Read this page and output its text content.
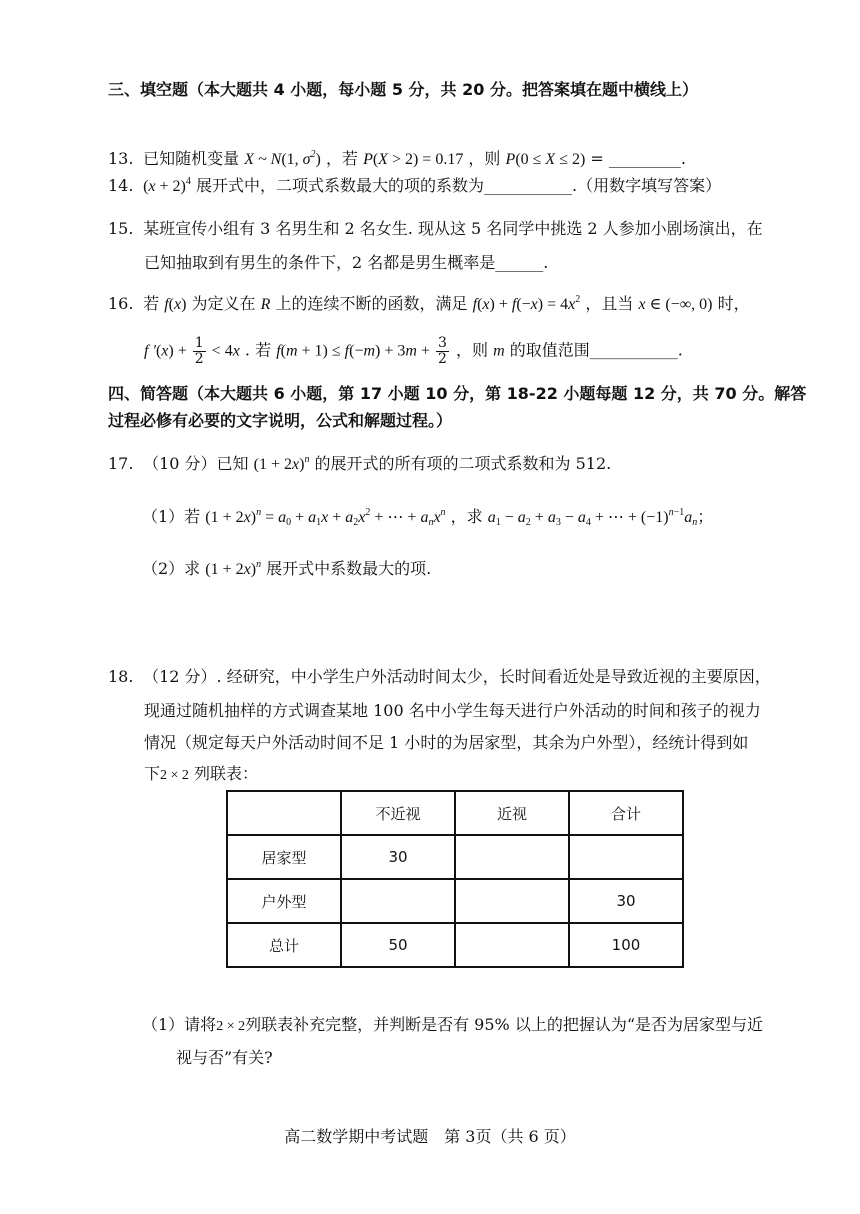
三、填空题（本大题共 4 小题，每小题 5 分，共 20 分。把答案填在题中横线上）
13. 已知随机变量 X ~ N(1, $\sigma^2$) ，若 P(X > 2) = 0.17 ，则 P(0 ≤ X ≤ 2) = _________.
14. $(x + 2)^4$ 展开式中，二项式系数最大的项的系数为___________.（用数字填写答案）
15. 某班宣传小组有 3 名男生和 2 名女生. 现从这 5 名同学中挑选 2 人参加小剧场演出，在
已知抽取到有男生的条件下，2 名都是男生概率是______.
16. 若 f(x) 为定义在 R 上的连续不断的函数，满足 $f(x) + f(-x) = 4x^2$ ，且当 x ∈ (−∞, 0) 时，
f $'(x) + \frac{1}{2} < 4x$ . 若 $f(m + 1) \le f(-m) + 3m + \frac{3}{2}$ ，则 m 的取值范围___________.
四、简答题（本大题共 6 小题，第 17 小题 10 分，第 18-22 小题每题 12 分，共 70 分。解答
过程必修有必要的文字说明，公式和解题过程。）
17. （10 分）已知 $(1 + 2x)^n$ 的展开式的所有项的二项式系数和为 512.
（1）若 $(1 + 2x)^n = a_0 + a_1x + a_2x^2$ + ⋯ + $a_nx^n$ ，求 $a_1 - a_2 + a_3 - a_4$ + ⋯ + $(-1)^{n-1}a_n$；
（2）求 $(1 + 2x)^n$ 展开式中系数最大的项.
18. （12 分）. 经研究，中小学生户外活动时间太少，长时间看近处是导致近视的主要原因，
现通过随机抽样的方式调查某地 100 名中小学生每天进行户外活动的时间和孩子的视力
情况（规定每天户外活动时间不足 1 小时的为居家型，其余为户外型），经统计得到如
下2 × 2 列联表：
	不近视	近视	合计
居家型	30		
户外型			30
总计	50		100
（1）请将2 × 2列联表补充完整，并判断是否有 95% 以上的把握认为“是否为居家型与近
视与否”有关?
高二数学期中考试题　第 3页（共 6 页）
